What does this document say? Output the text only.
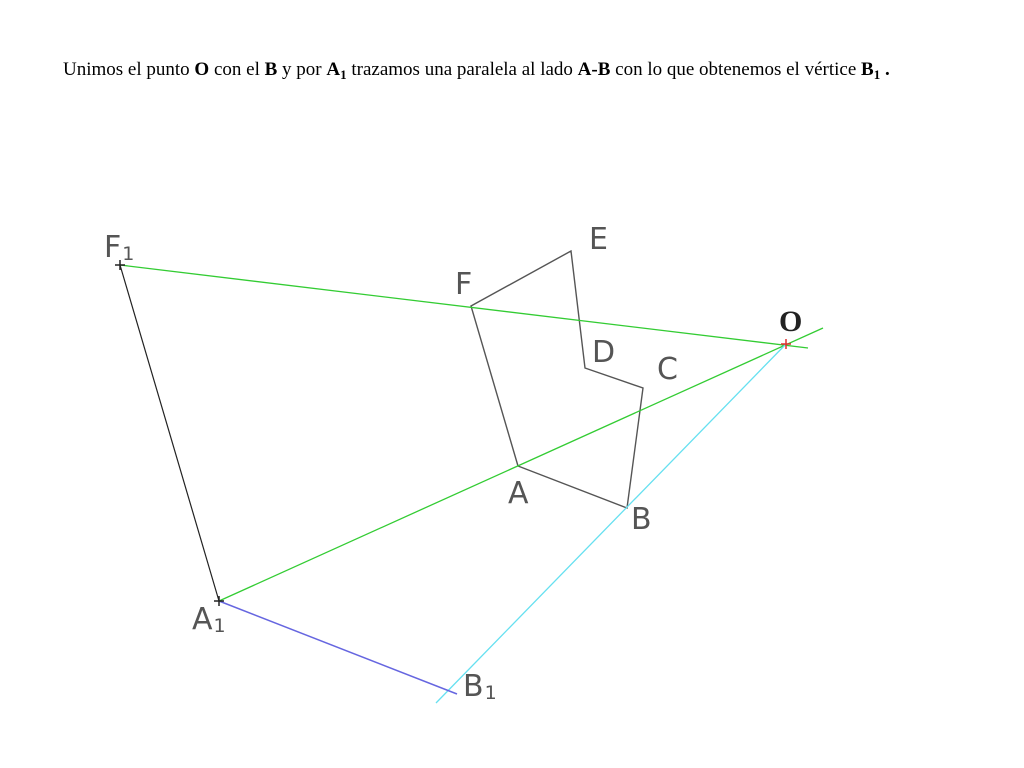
Unimos el punto O con el B y por $A_1$ trazamos una paralela al lado A-B con lo que obtenemos el vértice $B_1$ .
F1
F
E
D C
A
B
A1
B1
O
